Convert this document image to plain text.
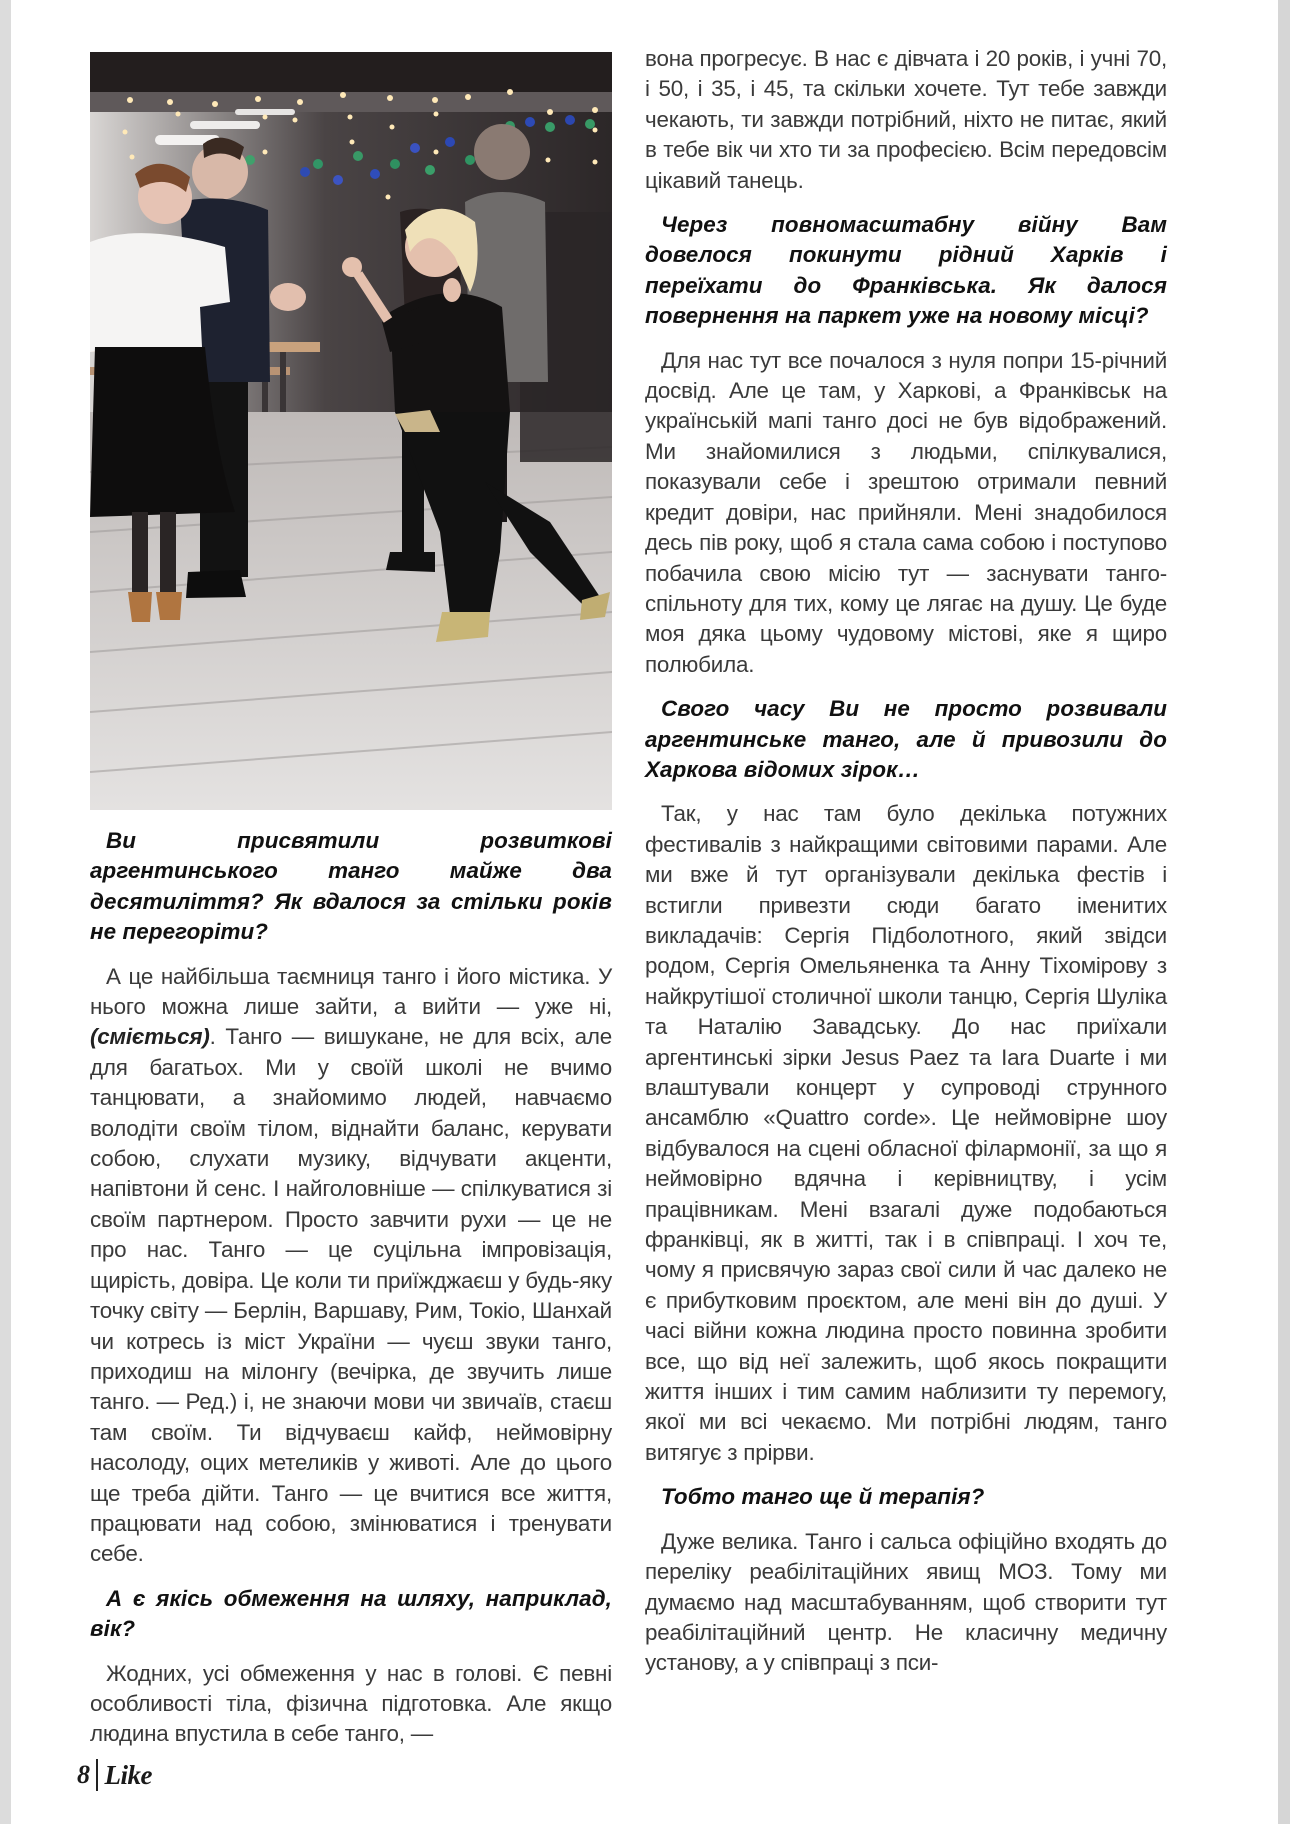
Ви присвятили розвиткові аргентинського танго майже два десятиліття? Як вдалося за стільки років не перегоріти?

А це найбільша таємниця танго і його містика. У нього можна лише зайти, а вийти — уже ні, (сміється). Танго — вишукане, не для всіх, але для багатьох. Ми у своїй школі не вчимо танцювати, а знайомимо людей, навчаємо володіти своїм тілом, віднайти баланс, керувати собою, слухати музику, відчувати акценти, напівтони й сенс. І найголовніше — спілкуватися зі своїм партнером. Просто завчити рухи — це не про нас. Танго — це суцільна імпровізація, щирість, довіра. Це коли ти приїжджаєш у будь-яку точку світу — Берлін, Варшаву, Рим, Токіо, Шанхай чи котресь із міст України — чуєш звуки танго, приходиш на мілонгу (вечірка, де звучить лише танго. — Ред.) і, не знаючи мови чи звичаїв, стаєш там своїм. Ти відчуваєш кайф, неймовірну насолоду, оцих метеликів у животі. Але до цього ще треба дійти. Танго — це вчитися все життя, працювати над собою, змінюватися і тренувати себе.

А є якісь обмеження на шляху, наприклад, вік?

Жодних, усі обмеження у нас в голові. Є певні особливості тіла, фізична підготовка. Але якщо людина впустила в себе танго, —

вона прогресує. В нас є дівчата і 20 років, і учні 70, і 50, і 35, і 45, та скільки хочете. Тут тебе завжди чекають, ти завжди потрібний, ніхто не питає, який в тебе вік чи хто ти за професією. Всім передовсім цікавий танець.

Через повномасштабну війну Вам довелося покинути рідний Харків і переїхати до Франківська. Як далося повернення на паркет уже на новому місці?

Для нас тут все почалося з нуля попри 15-річний досвід. Але це там, у Харкові, а Франківськ на українській мапі танго досі не був відображений. Ми знайомилися з людьми, спілкувалися, показували себе і зрештою отримали певний кредит довіри, нас прийняли. Мені знадобилося десь пів року, щоб я стала сама собою і поступово побачила свою місію тут — заснувати танго-спільноту для тих, кому це лягає на душу. Це буде моя дяка цьому чудовому містові, яке я щиро полюбила.

Свого часу Ви не просто розвивали аргентинське танго, але й привозили до Харкова відомих зірок…

Так, у нас там було декілька потужних фестивалів з найкращими світовими парами. Але ми вже й тут організували декілька фестів і встигли привезти сюди багато іменитих викладачів: Сергія Підболотного, який звідси родом, Сергія Омельяненка та Анну Тіхомірову з найкрутішої столичної школи танцю, Сергія Шуліка та Наталію Завадську. До нас приїхали аргентинські зірки Jesus Paez та Iara Duarte і ми влаштували концерт у супроводі струнного ансамблю «Quattro corde». Це неймовірне шоу відбувалося на сцені обласної філармонії, за що я неймовірно вдячна і керівництву, і усім працівникам. Мені взагалі дуже подобаються франківці, як в житті, так і в співпраці. І хоч те, чому я присвячую зараз свої сили й час далеко не є прибутковим проєктом, але мені він до душі. У часі війни кожна людина просто повинна зробити все, що від неї залежить, щоб якось покращити життя інших і тим самим наблизити ту перемогу, якої ми всі чекаємо. Ми потрібні людям, танго витягує з прірви.

Тобто танго ще й терапія?

Дуже велика. Танго і сальса офіційно входять до переліку реабілітаційних явищ МОЗ. Тому ми думаємо над масштабуванням, щоб створити тут реабілітаційний центр. Не класичну медичну установу, а у співпраці з пси-

8 Like
